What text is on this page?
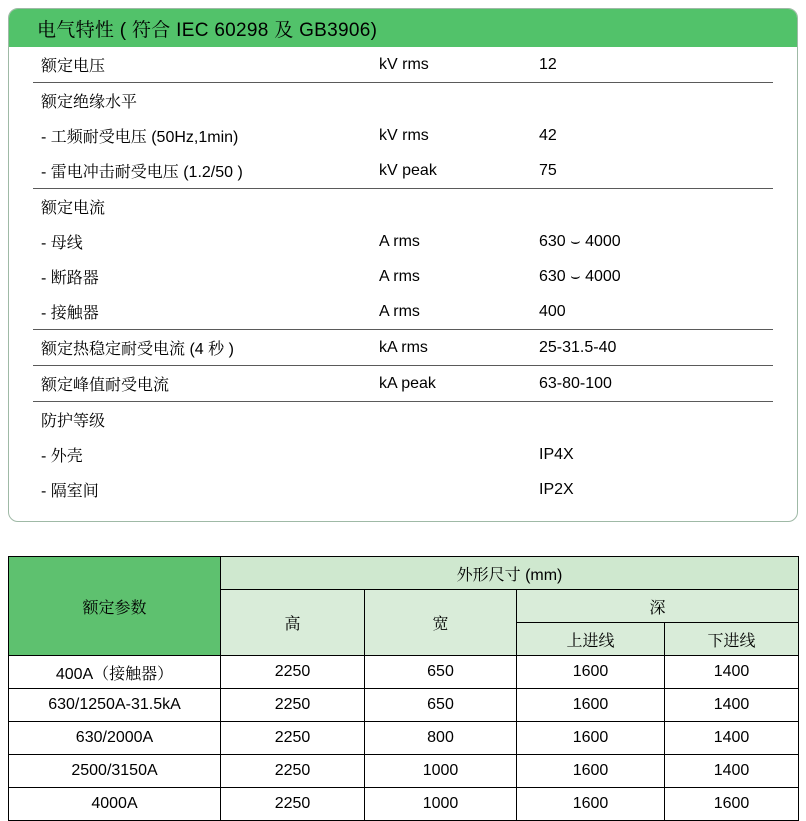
电气特性 ( 符合 IEC 60298 及 GB3906)
额定电压	kV rms	12
额定绝缘水平		
- 工频耐受电压 (50Hz,1min)	kV rms	42
- 雷电冲击耐受电压 (1.2/50 )	kV peak	75
额定电流		
- 母线	A rms	630 ⌣ 4000
- 断路器	A rms	630 ⌣ 4000
- 接触器	A rms	400
额定热稳定耐受电流 (4 秒 )	kA rms	25-31.5-40
额定峰值耐受电流	kA peak	63-80-100
防护等级		
- 外壳		IP4X
- 隔室间		IP2X
额定参数	外形尺寸 (mm)			
	高	宽	深	
			上进线	下进线
400A（接触器）	2250	650	1600	1400
630/1250A-31.5kA	2250	650	1600	1400
630/2000A	2250	800	1600	1400
2500/3150A	2250	1000	1600	1400
4000A	2250	1000	1600	1600
